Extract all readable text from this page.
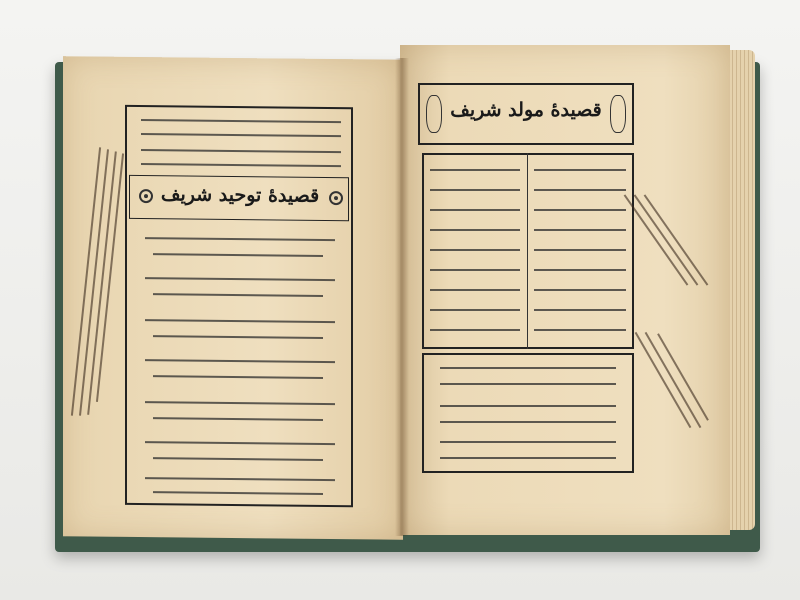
قصيدهٔ توحيد شريف
قصيدهٔ مولد شريف
